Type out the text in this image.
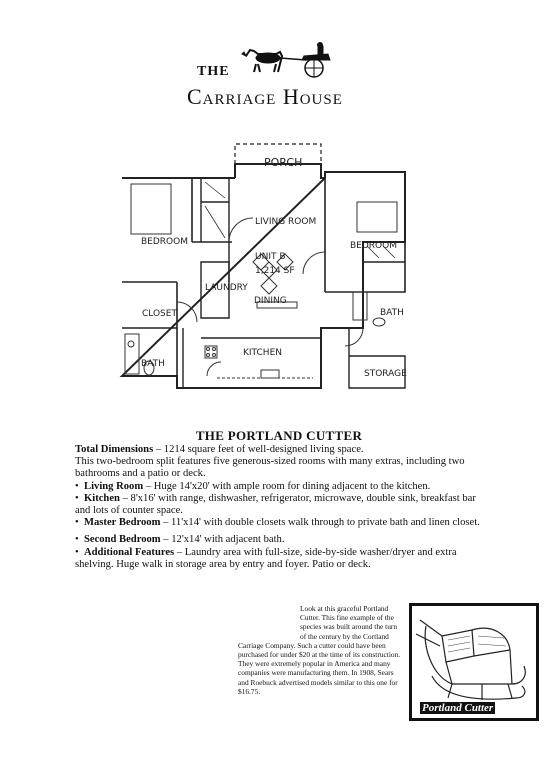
THE
Carriage House
PORCH
LIVING ROOM
BEDROOM	BEDROOM
UNIT B
1,214 SF
LAUNDRY
DINING
CLOSET	BATH
BATH
KITCHEN
STORAGE
THE PORTLAND CUTTER

Total Dimensions – 1214 square feet of well-designed living space.

This two-bedroom split features five generous-sized rooms with many extras, including two bathrooms and a patio or deck.

•  Living Room – Huge 14'x20' with ample room for dining adjacent to the kitchen.

•  Kitchen – 8'x16' with range, dishwasher, refrigerator, microwave, double sink, breakfast bar and lots of counter space.

•  Master Bedroom – 11'x14' with double closets walk through to private bath and linen closet.

•  Second Bedroom – 12'x14' with adjacent bath.

•  Additional Features – Laundry area with full-size, side-by-side washer/dryer and extra shelving. Huge walk in storage area by entry and foyer. Patio or deck.

Look at this graceful Portland
Cutter. This fine example of the
species was built around the turn
of the century by the Cortland
Carriage Company. Such a cutter could have been purchased for under $20 at the time of its construction. They were extremely popular in America and many companies were manufacturing them. In 1908, Sears and Roebuck advertised models similar to this one for $16.75.
Portland Cutter
